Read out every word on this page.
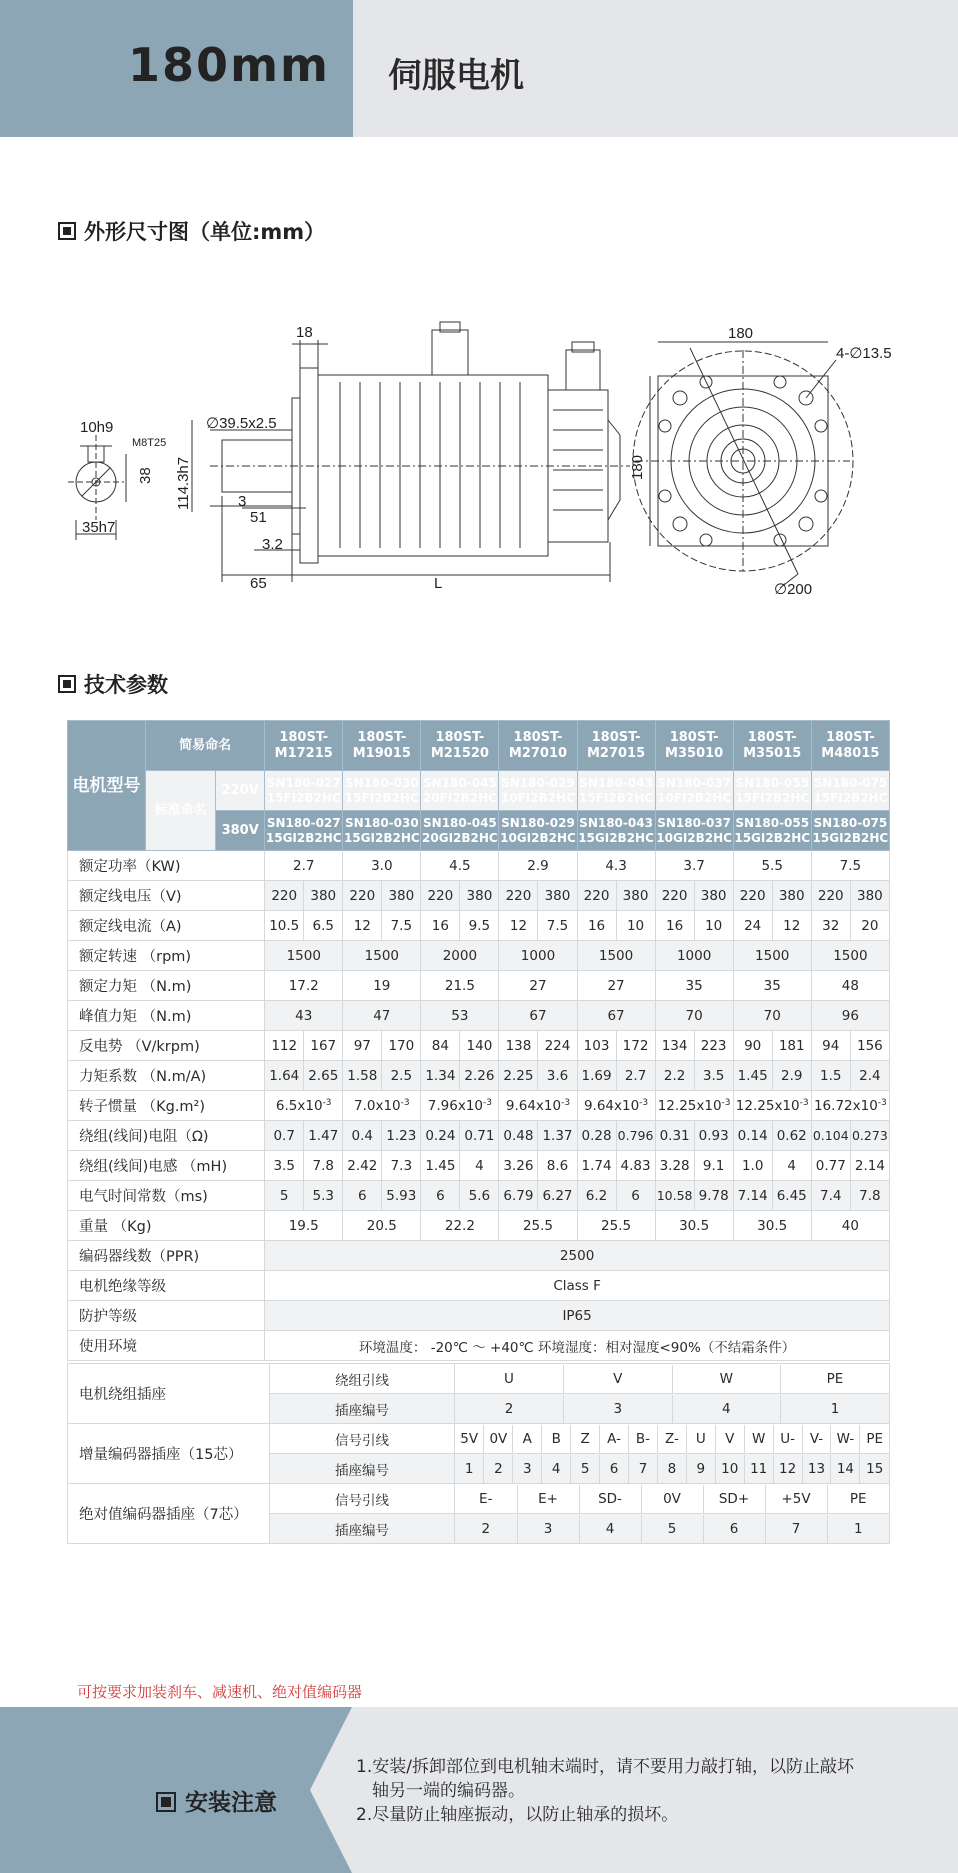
180mm	伺服电机
外形尺寸图（单位:mm）
10h9
M8T25
38
35h7
18
∅39.5x2.5
114.3h7	3
51
3.2
65	L
180
180
4-∅13.5
∅200
技术参数
电机型号	简易命名		180ST-M17215		180ST-M19015		180ST-M21520		180ST-M27010		180ST-M27015		180ST-M35010		180ST-M35015		180ST-M48015	
	标准命名	220V	SN180-027 15FI2B2HC		SN180-030 15FI2B2HC		SN180-045 20FI2B2HC		SN180-029 10FI2B2HC		SN180-043 15FI2B2HC		SN180-037 10FI2B2HC		SN180-055 15FI2B2HC		SN180-075 15FI2B2HC	
		380V	SN180-027 15GI2B2HC		SN180-030 15GI2B2HC		SN180-045 20GI2B2HC		SN180-029 10GI2B2HC		SN180-043 15GI2B2HC		SN180-037 10GI2B2HC		SN180-055 15GI2B2HC		SN180-075 15GI2B2HC	
额定功率（KW)			2.7		3.0		4.5		2.9		4.3		3.7		5.5		7.5	
额定线电压（V)			220	380	220	380	220	380	220	380	220	380	220	380	220	380	220	380
额定线电流（A)			10.5	6.5	12	7.5	16	9.5	12	7.5	16	10	16	10	24	12	32	20
额定转速 （rpm)			1500		1500		2000		1000		1500		1000		1500		1500	
额定力矩 （N.m)			17.2		19		21.5		27		27		35		35		48	
峰值力矩 （N.m)			43		47		53		67		67		70		70		96	
反电势 （V/krpm)			112	167	97	170	84	140	138	224	103	172	134	223	90	181	94	156
力矩系数 （N.m/A)			1.64	2.65	1.58	2.5	1.34	2.26	2.25	3.6	1.69	2.7	2.2	3.5	1.45	2.9	1.5	2.4
转子惯量 （Kg.m²)			$6.5x10^{-3}$		$7.0x10^{-3}$		$7.96x10^{-3}$		$9.64x10^{-3}$		$9.64x10^{-3}$		$12.25x10^{-3}$		$12.25x10^{-3}$		$16.72x10^{-3}$
绕组(线间)电阻（Ω)			0.7	1.47	0.4	1.23	0.24	0.71	0.48	1.37	0.28	0.796	0.31	0.93	0.14	0.62	0.104	0.273
绕组(线间)电感 （mH)			3.5	7.8	2.42	7.3	1.45	4	3.26	8.6	1.74	4.83	3.28	9.1	1.0	4	0.77	2.14
电气时间常数（ms)			5	5.3	6	5.93	6	5.6	6.79	6.27	6.2	6	10.58	9.78	7.14	6.45	7.4	7.8
重量 （Kg)			19.5		20.5		22.2		25.5		25.5		30.5		30.5		40	
编码器线数（PPR)			2500															
电机绝缘等级			Class F															
防护等级			IP65															
使用环境			环境温度： -20℃ ～ +40℃ 环境湿度：相对湿度<90%（不结霜条件）															
电机绕组插座	绕组引线		U	V	W	PE

插座编号		2	3	4	1

增量编码器插座（15芯）	信号引线		5V	0V	A	B	Z	A-	B-	Z-	U	V	W	U-	V-	W-	PE

插座编号		1	2	3	4	5	6	7	8	9	10	11	12	13	14	15

绝对值编码器插座（7芯）	信号引线		E-	E+	SD-	0V	SD+	+5V	PE

插座编号		2	3	4	5	6	7	1
可按要求加装刹车、减速机、绝对值编码器
安装注意
1.安装/拆卸部位到电机轴末端时，请不要用力敲打轴，以防止敲坏
轴另一端的编码器。
2.尽量防止轴座振动，以防止轴承的损坏。
